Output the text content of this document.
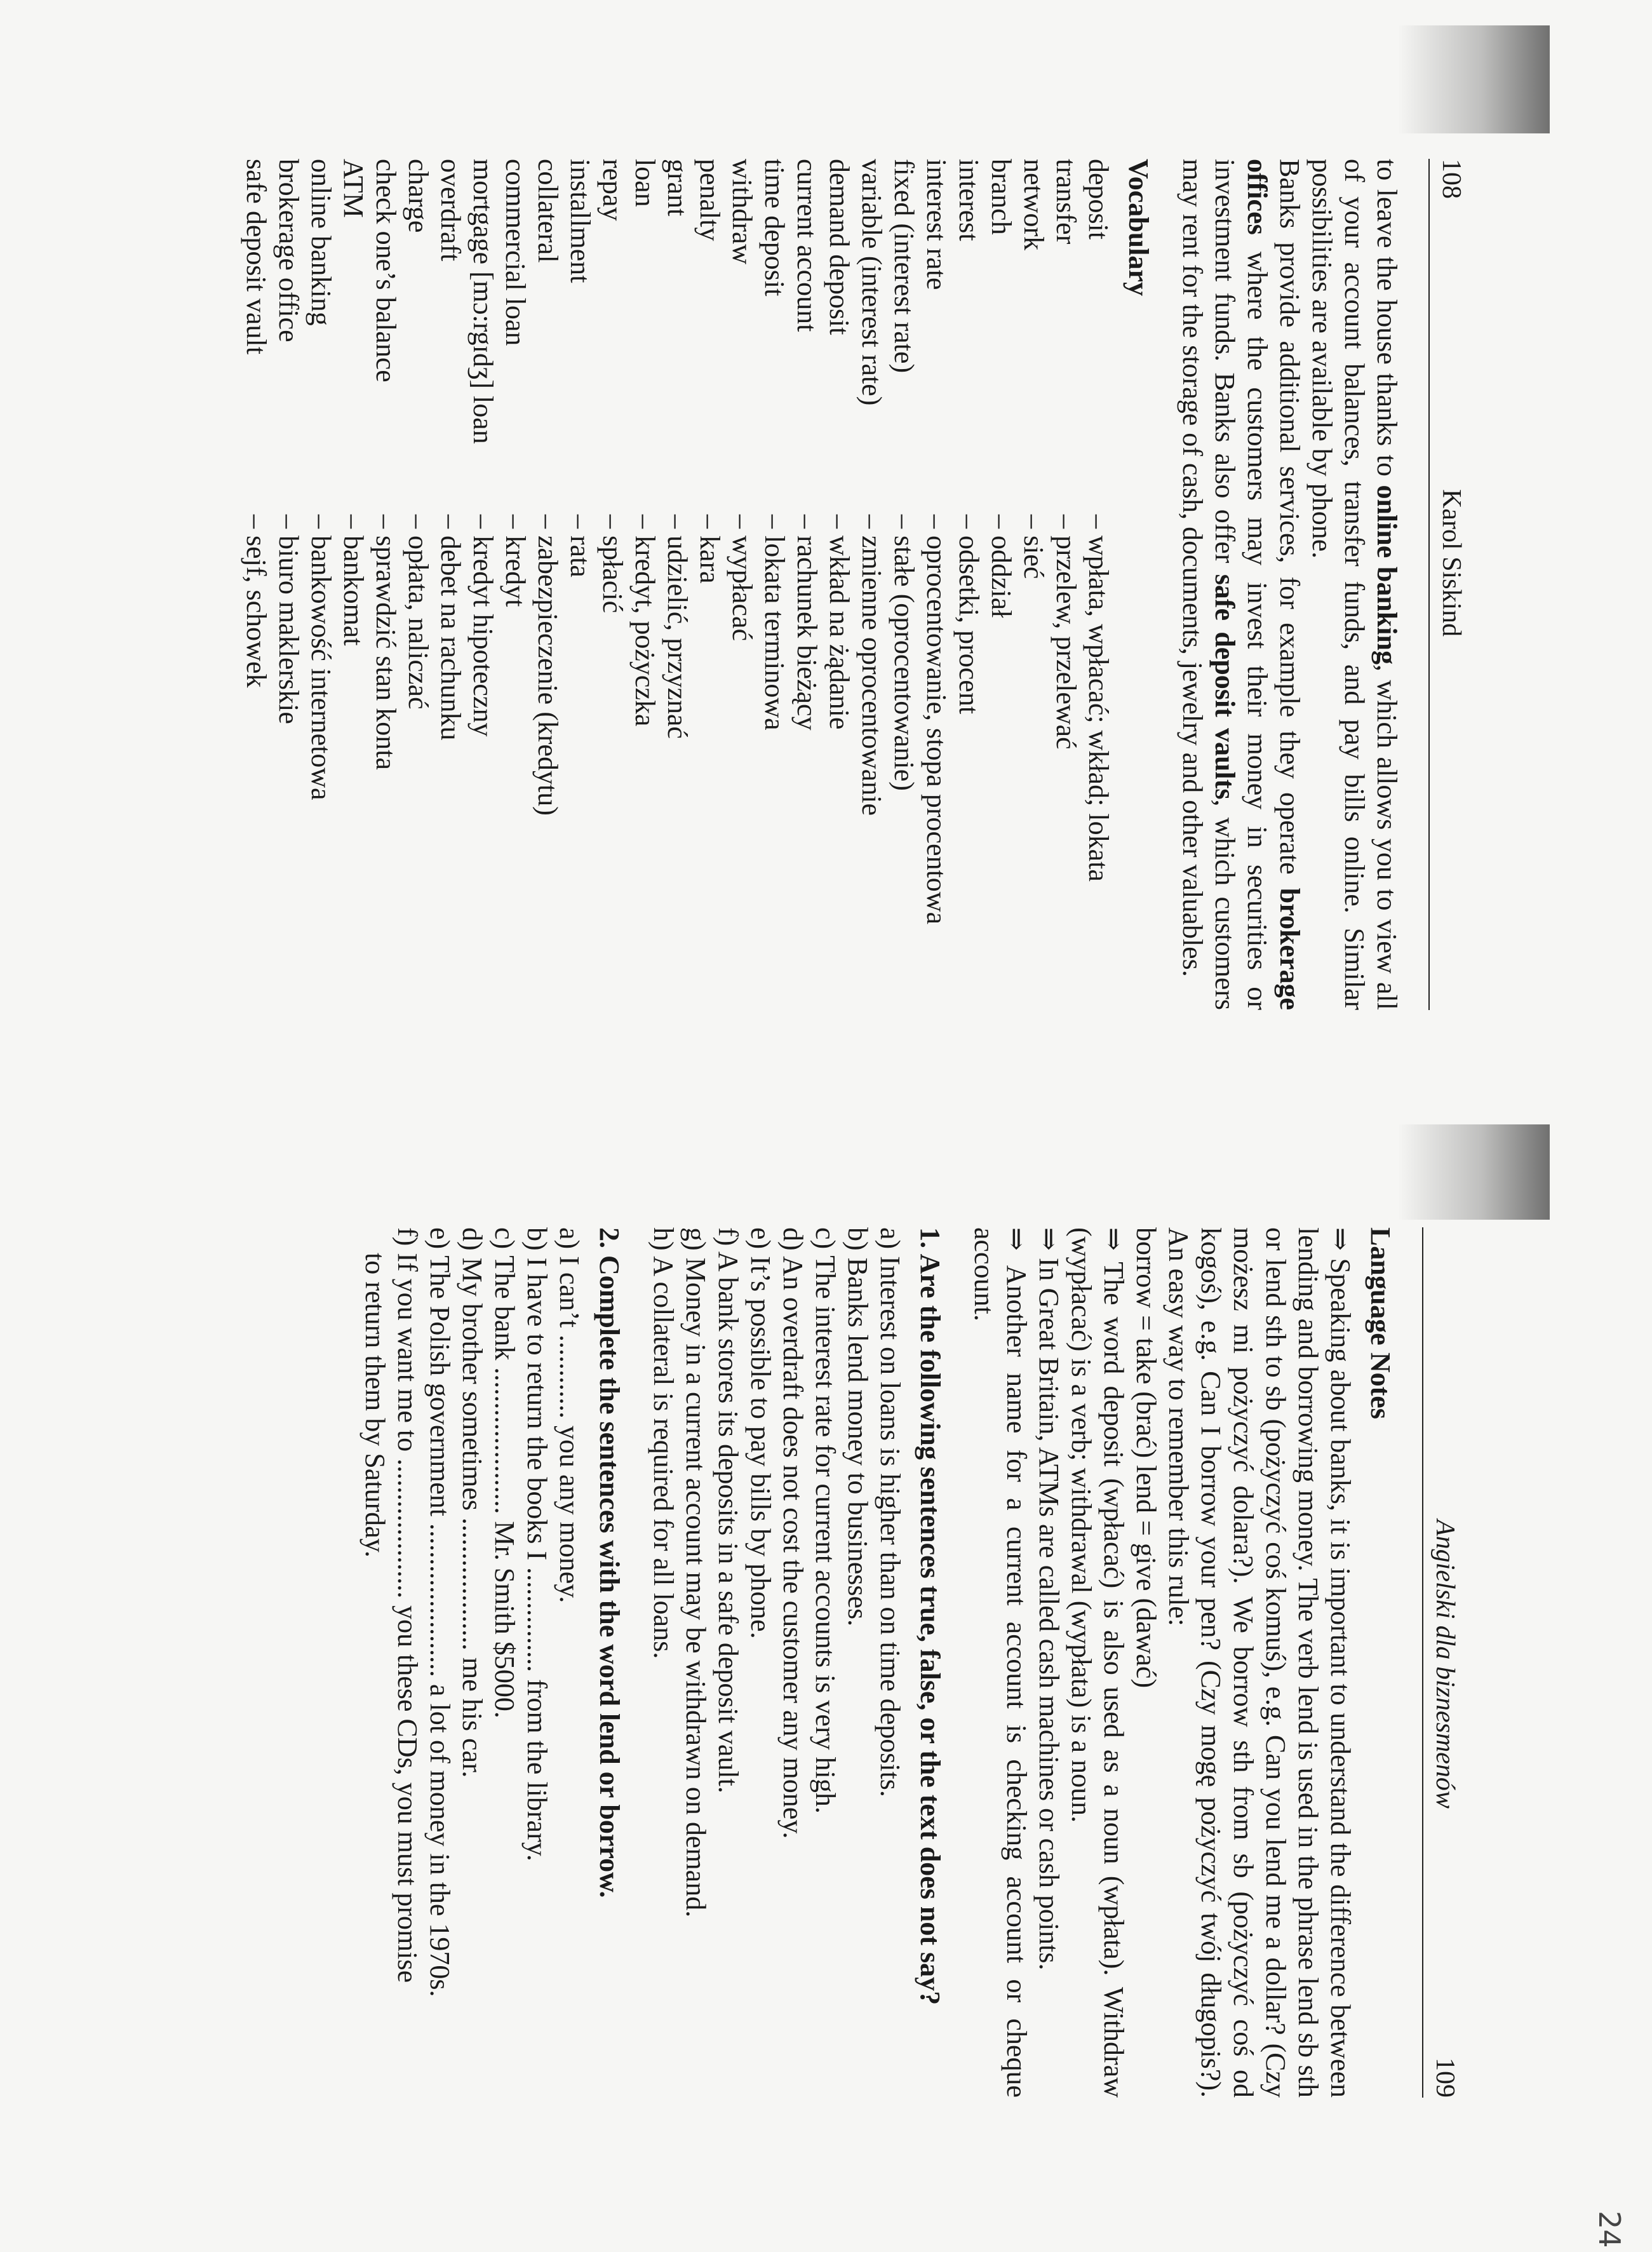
108
Karol Siskind

to leave the house thanks to online banking, which allows you to view all of your account balances, transfer funds, and pay bills online. Similar possibilities are available by phone.

Banks provide additional services, for example they operate brokerage offices where the customers may invest their money in securities or investment funds. Banks also offer safe deposit vaults, which customers may rent for the storage of cash, documents, jewelry and other valuables.

Vocabulary
deposit
– wpłata, wpłacać; wkład; lokata
transfer
– przelew, przelewać
network
– sieć
branch
– oddział
interest
– odsetki, procent
interest rate
– oprocentowanie, stopa procentowa
fixed (interest rate)
– stałe (oprocentowanie)
variable (interest rate)
– zmienne oprocentowanie
demand deposit
– wkład na żądanie
current account
– rachunek bieżący
time deposit
– lokata terminowa
withdraw
– wypłacać
penalty
– kara
grant
– udzielić, przyznać
loan
– kredyt, pożyczka
repay
– spłacić
installment
– rata
collateral
– zabezpieczenie (kredytu)
commercial loan
– kredyt
mortgage [mɔ:rgɪdʒ] loan
– kredyt hipoteczny
overdraft
– debet na rachunku
charge
– opłata, naliczać
check one’s balance
– sprawdzić stan konta
ATM
– bankomat
online banking
– bankowość internetowa
brokerage office
– biuro maklerskie
safe deposit vault
– sejf, schowek
Angielski dla biznesmenów
109
Language Notes

⇒ Speaking about banks, it is important to understand the difference between lending and borrowing money. The verb lend is used in the phrase lend sb sth or lend sth to sb (pożyczyć coś komuś), e.g. Can you lend me a dollar? (Czy możesz mi pożyczyć dolara?). We borrow sth from sb (pożyczyć coś od kogoś), e.g. Can I borrow your pen? (Czy mogę pożyczyć twój długopis?). An easy way to remember this rule:

borrow = take (brać) lend = give (dawać)

⇒ The word deposit (wpłacać) is also used as a noun (wpłata). Withdraw (wypłacać) is a verb; withdrawal (wypłata) is a noun.

⇒ In Great Britain, ATMs are called cash machines or cash points.

⇒ Another name for a current account is checking account or cheque account.

1. Are the following sentences true, false, or the text does not say?

a) Interest on loans is higher than on time deposits.

b) Banks lend money to businesses.

c) The interest rate for current accounts is very high.

d) An overdraft does not cost the customer any money.

e) It’s possible to pay bills by phone.

f) A bank stores its deposits in a safe deposit vault.

g) Money in a current account may be withdrawn on demand.

h) A collateral is required for all loans.

2. Complete the sentences with the word lend or borrow.

a) I can’t ............ you any money.

b) I have to return the books I ............... from the library.

c) The bank ..................... Mr. Smith $5000.

d) My brother sometimes ................... me his car.

e) The Polish government ...................... a lot of money in the 1970s.

f) If you want me to .................... you these CDs, you must promise

to return them by Saturday.

24
